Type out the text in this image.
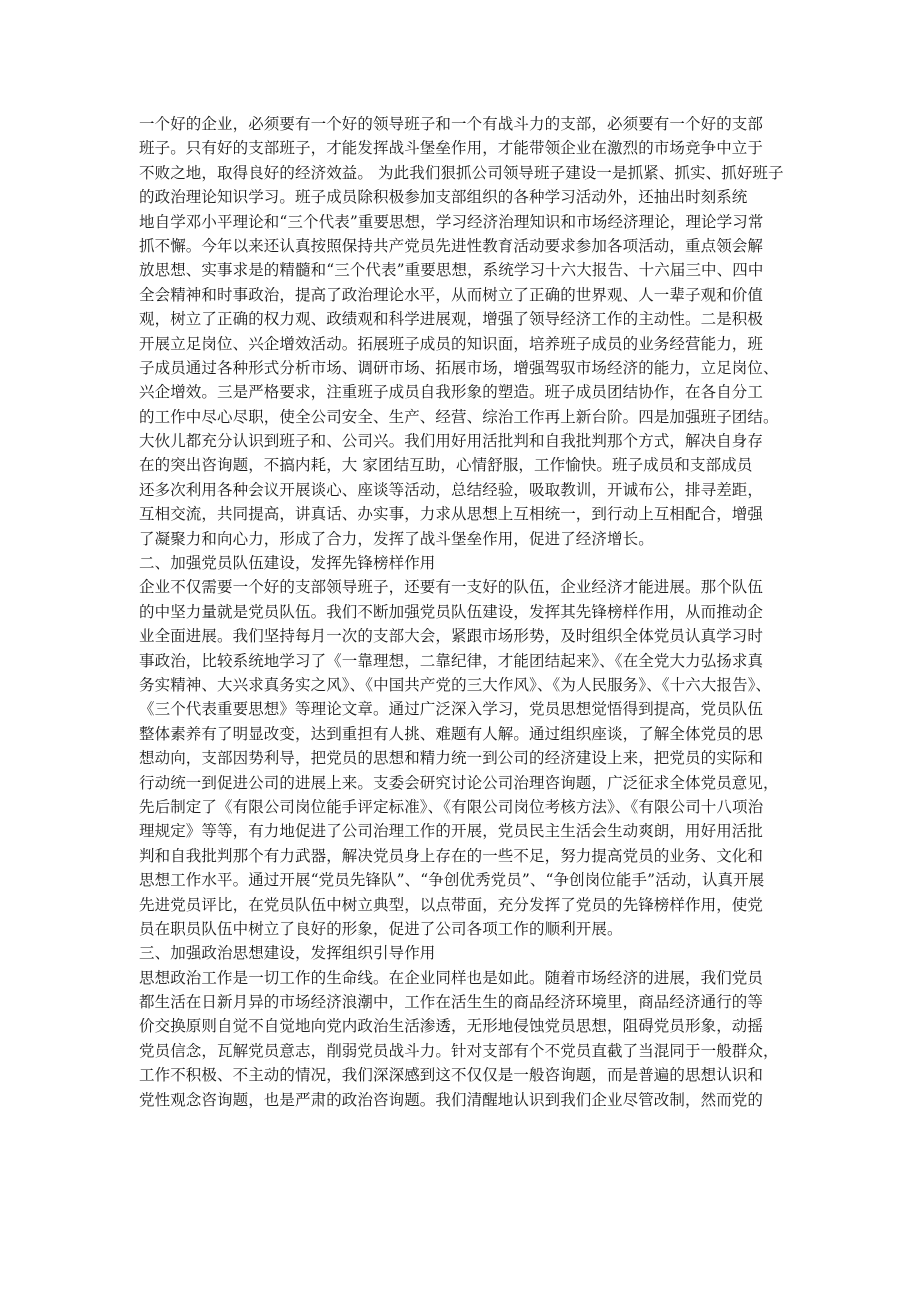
一个好的企业，必须要有一个好的领导班子和一个有战斗力的支部，必须要有一个好的支部
班子。只有好的支部班子，才能发挥战斗堡垒作用，才能带领企业在激烈的市场竞争中立于
不败之地，取得良好的经济效益。 为此我们狠抓公司领导班子建设一是抓紧、抓实、抓好班子
的政治理论知识学习。班子成员除积极参加支部组织的各种学习活动外，还抽出时刻系统
地自学邓小平理论和“三个代表”重要思想，学习经济治理知识和市场经济理论，理论学习常
抓不懈。今年以来还认真按照保持共产党员先进性教育活动要求参加各项活动，重点领会解
放思想、实事求是的精髓和“三个代表”重要思想，系统学习十六大报告、十六届三中、四中
全会精神和时事政治，提高了政治理论水平，从而树立了正确的世界观、人一辈子观和价值
观，树立了正确的权力观、政绩观和科学进展观，增强了领导经济工作的主动性。二是积极
开展立足岗位、兴企增效活动。拓展班子成员的知识面，培养班子成员的业务经营能力，班
子成员通过各种形式分析市场、调研市场、拓展市场，增强驾驭市场经济的能力，立足岗位、
兴企增效。三是严格要求，注重班子成员自我形象的塑造。班子成员团结协作，在各自分工
的工作中尽心尽职，使全公司安全、生产、经营、综治工作再上新台阶。四是加强班子团结。
大伙儿都充分认识到班子和、公司兴。我们用好用活批判和自我批判那个方式，解决自身存
在的突出咨询题，不搞内耗，大 家团结互助，心情舒服，工作愉快。班子成员和支部成员
还多次利用各种会议开展谈心、座谈等活动，总结经验，吸取教训，开诚布公，排寻差距，
互相交流，共同提高，讲真话、办实事，力求从思想上互相统一，到行动上互相配合，增强
了凝聚力和向心力，形成了合力，发挥了战斗堡垒作用，促进了经济增长。
二、加强党员队伍建设，发挥先锋榜样作用
企业不仅需要一个好的支部领导班子，还要有一支好的队伍，企业经济才能进展。那个队伍
的中坚力量就是党员队伍。我们不断加强党员队伍建设，发挥其先锋榜样作用，从而推动企
业全面进展。我们坚持每月一次的支部大会，紧跟市场形势，及时组织全体党员认真学习时
事政治，比较系统地学习了《一靠理想，二靠纪律，才能团结起来》、《在全党大力弘扬求真
务实精神、大兴求真务实之风》、《中国共产党的三大作风》、《为人民服务》、《十六大报告》、
《三个代表重要思想》等理论文章。通过广泛深入学习，党员思想觉悟得到提高，党员队伍
整体素养有了明显改变，达到重担有人挑、难题有人解。通过组织座谈，了解全体党员的思
想动向，支部因势利导，把党员的思想和精力统一到公司的经济建设上来，把党员的实际和
行动统一到促进公司的进展上来。支委会研究讨论公司治理咨询题，广泛征求全体党员意见，
先后制定了《有限公司岗位能手评定标准》、《有限公司岗位考核方法》、《有限公司十八项治
理规定》等等，有力地促进了公司治理工作的开展，党员民主生活会生动爽朗，用好用活批
判和自我批判那个有力武器，解决党员身上存在的一些不足，努力提高党员的业务、文化和
思想工作水平。通过开展“党员先锋队”、“争创优秀党员”、“争创岗位能手”活动，认真开展
先进党员评比，在党员队伍中树立典型，以点带面，充分发挥了党员的先锋榜样作用，使党
员在职员队伍中树立了良好的形象，促进了公司各项工作的顺利开展。
三、加强政治思想建设，发挥组织引导作用
思想政治工作是一切工作的生命线。在企业同样也是如此。随着市场经济的进展，我们党员
都生活在日新月异的市场经济浪潮中，工作在活生生的商品经济环境里，商品经济通行的等
价交换原则自觉不自觉地向党内政治生活渗透，无形地侵蚀党员思想，阻碍党员形象，动摇
党员信念，瓦解党员意志，削弱党员战斗力。针对支部有个不党员直截了当混同于一般群众，
工作不积极、不主动的情况，我们深深感到这不仅仅是一般咨询题，而是普遍的思想认识和
党性观念咨询题，也是严肃的政治咨询题。我们清醒地认识到我们企业尽管改制，然而党的
